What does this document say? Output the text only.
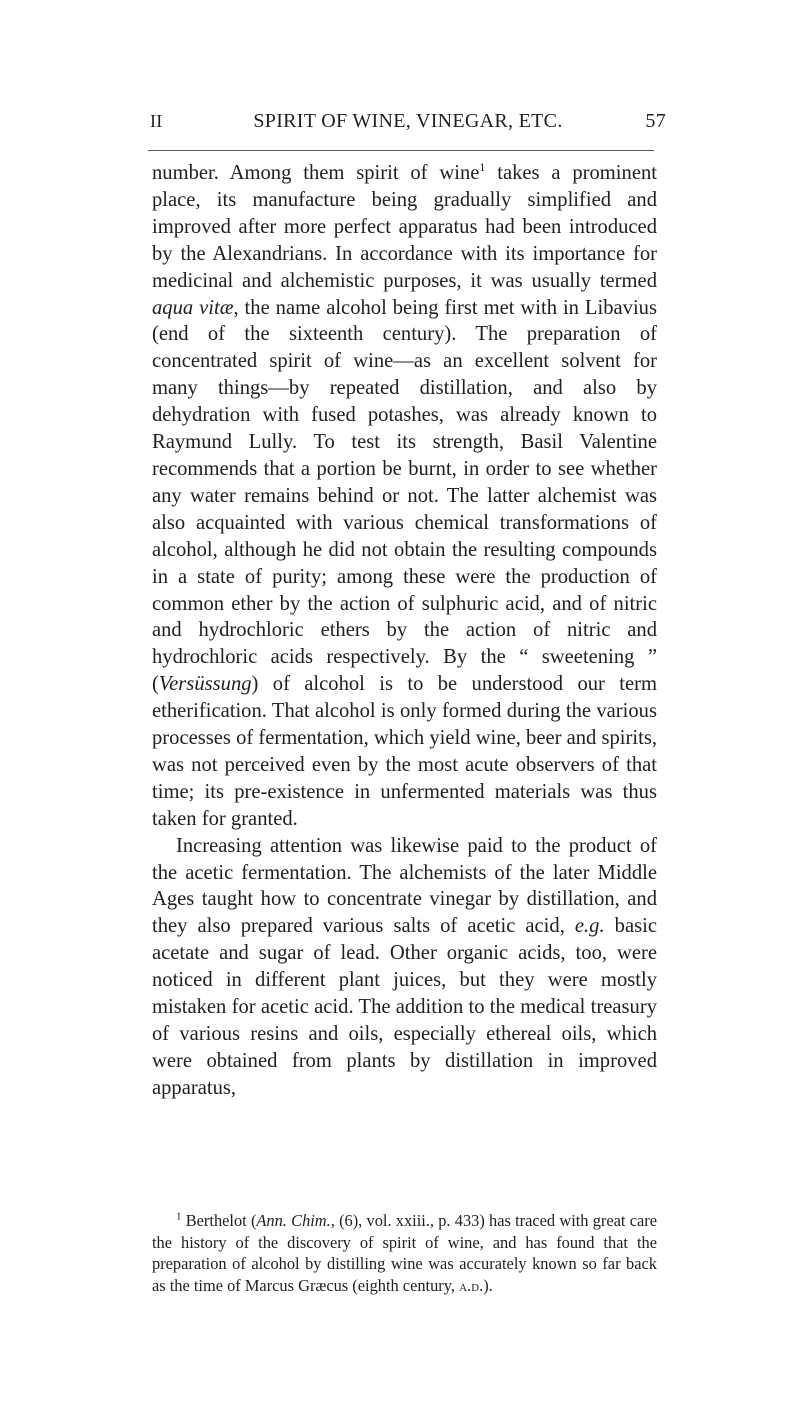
II	SPIRIT OF WINE, VINEGAR, ETC.	57

number. Among them spirit of wine$^1$ takes a prominent place, its manufacture being gradually simplified and improved after more perfect apparatus had been introduced by the Alexandrians. In accordance with its importance for medicinal and alchemistic purposes, it was usually termed aqua vitæ, the name alcohol being first met with in Libavius (end of the sixteenth century). The preparation of concentrated spirit of wine—as an excellent solvent for many things—by repeated distillation, and also by dehydration with fused potashes, was already known to Raymund Lully. To test its strength, Basil Valentine recommends that a portion be burnt, in order to see whether any water remains behind or not. The latter alchemist was also acquainted with various chemical transformations of alcohol, although he did not obtain the resulting compounds in a state of purity; among these were the production of common ether by the action of sulphuric acid, and of nitric and hydrochloric ethers by the action of nitric and hydrochloric acids respectively. By the “ sweetening ” (Versüssung) of alcohol is to be understood our term etherification. That alcohol is only formed during the various processes of fermentation, which yield wine, beer and spirits, was not perceived even by the most acute observers of that time; its pre-existence in unfermented materials was thus taken for granted.

Increasing attention was likewise paid to the product of the acetic fermentation. The alchemists of the later Middle Ages taught how to concentrate vinegar by distillation, and they also prepared various salts of acetic acid, e.g. basic acetate and sugar of lead. Other organic acids, too, were noticed in different plant juices, but they were mostly mistaken for acetic acid. The addition to the medical treasury of various resins and oils, especially ethereal oils, which were obtained from plants by distillation in improved apparatus,

$^1$ Berthelot (Ann. Chim., (6), vol. xxiii., p. 433) has traced with great care the history of the discovery of spirit of wine, and has found that the preparation of alcohol by distilling wine was accurately known so far back as the time of Marcus Græcus (eighth century, a.d.).
